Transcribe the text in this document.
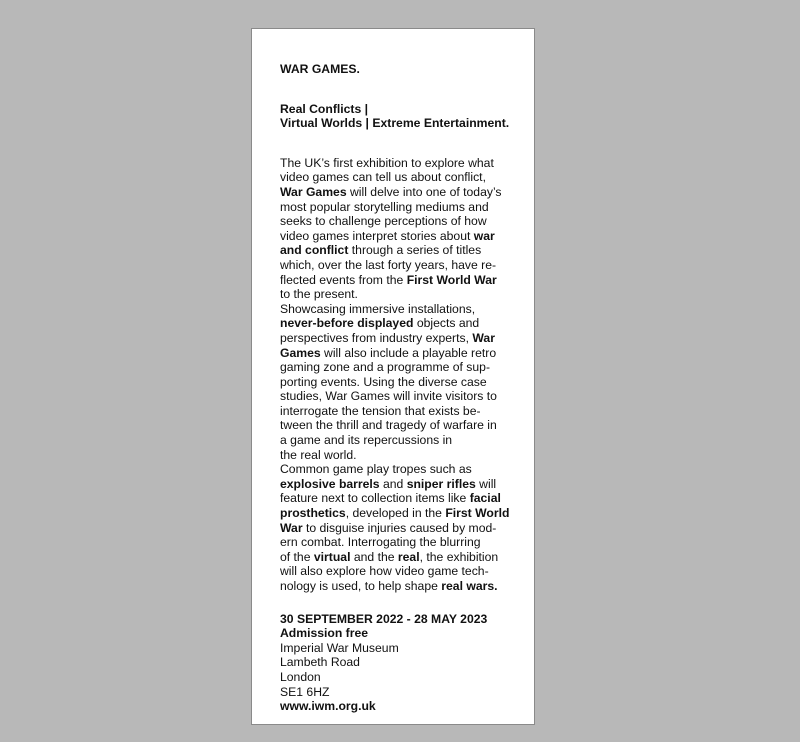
WAR GAMES.
Real Conflicts |
Virtual Worlds | Extreme Entertainment.
The UK’s first exhibition to explore what
video games can tell us about conflict,
War Games will delve into one of today’s
most popular storytelling mediums and
seeks to challenge perceptions of how
video games interpret stories about war
and conflict through a series of titles
which, over the last forty years, have re-
flected events from the First World War
to the present.
Showcasing immersive installations,
never-before displayed objects and
perspectives from industry experts, War
Games will also include a playable retro
gaming zone and a programme of sup-
porting events. Using the diverse case
studies, War Games will invite visitors to
interrogate the tension that exists be-
tween the thrill and tragedy of warfare in
a game and its repercussions in
the real world.
Common game play tropes such as
explosive barrels and sniper rifles will
feature next to collection items like facial
prosthetics, developed in the First World
War to disguise injuries caused by mod-
ern combat. Interrogating the blurring
of the virtual and the real, the exhibition
will also explore how video game tech-
nology is used, to help shape real wars.
30 SEPTEMBER 2022 - 28 MAY 2023
Admission free
Imperial War Museum
Lambeth Road
London
SE1 6HZ
www.iwm.org.uk
